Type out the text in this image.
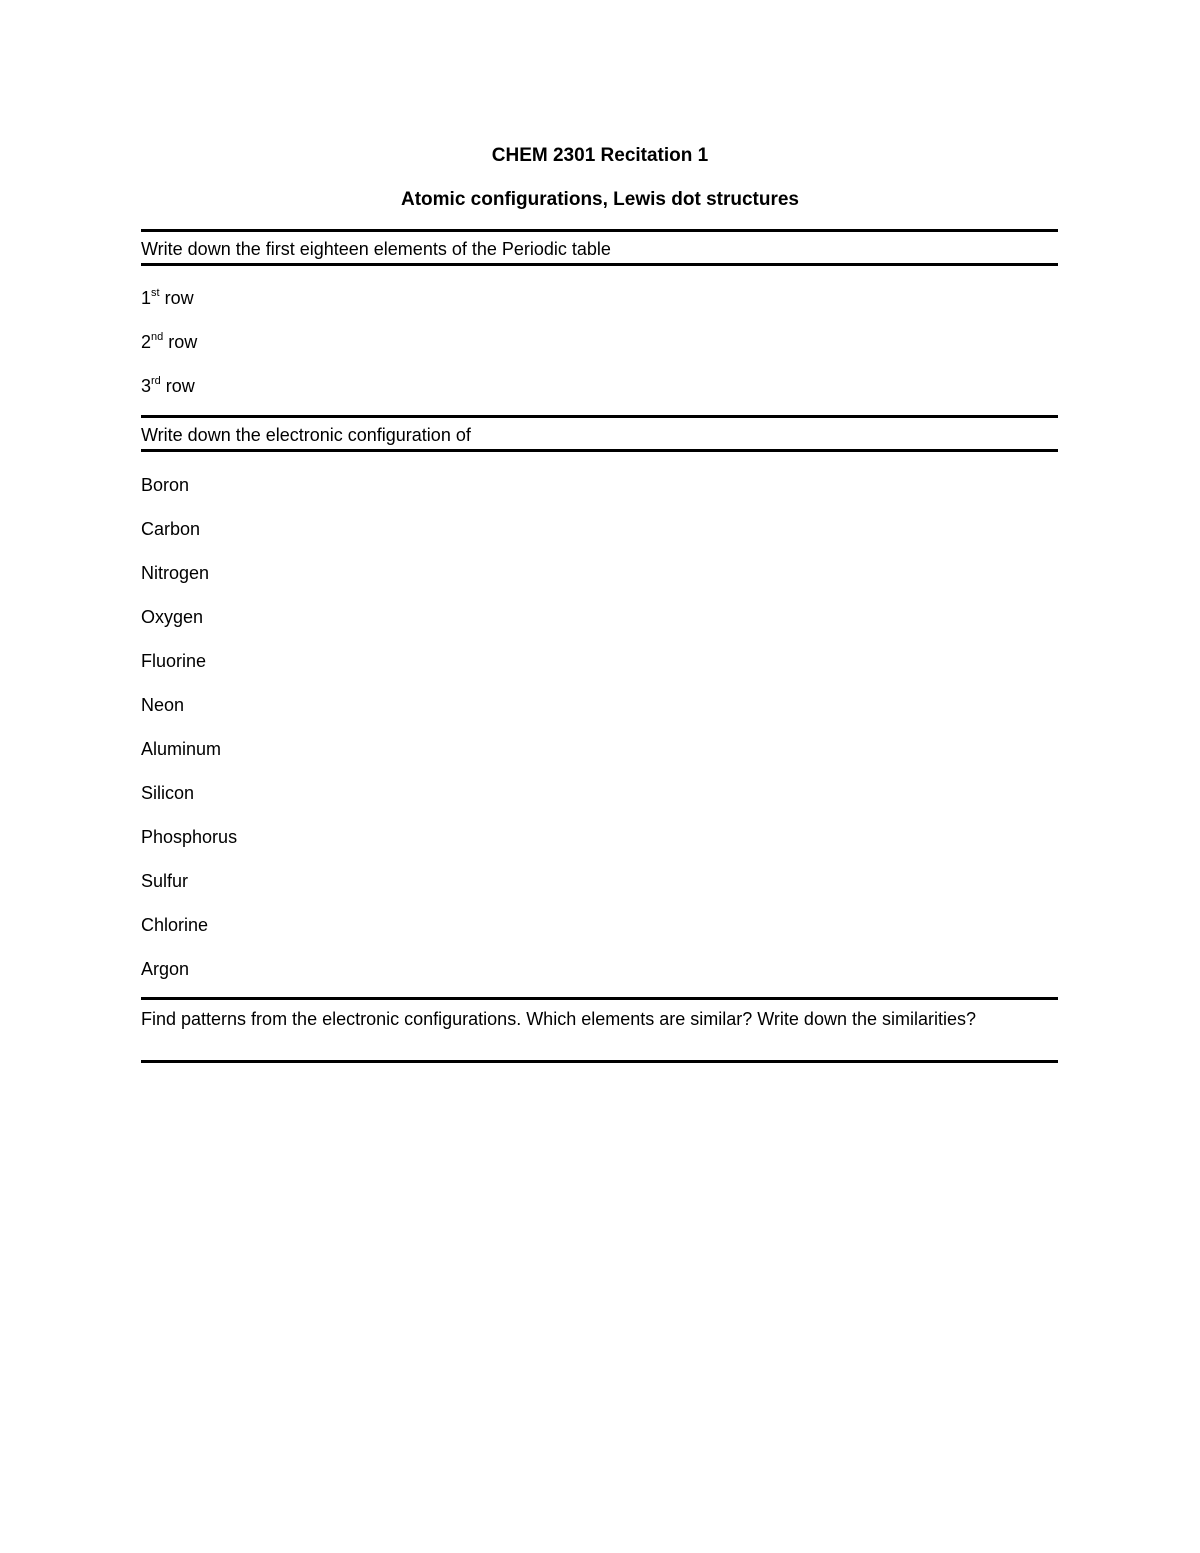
CHEM 2301 Recitation 1
Atomic configurations, Lewis dot structures
Write down the first eighteen elements of the Periodic table
1st row
2nd row
3rd row
Write down the electronic configuration of
Boron
Carbon
Nitrogen
Oxygen
Fluorine
Neon
Aluminum
Silicon
Phosphorus
Sulfur
Chlorine
Argon
Find patterns from the electronic configurations. Which elements are similar? Write down the similarities?
